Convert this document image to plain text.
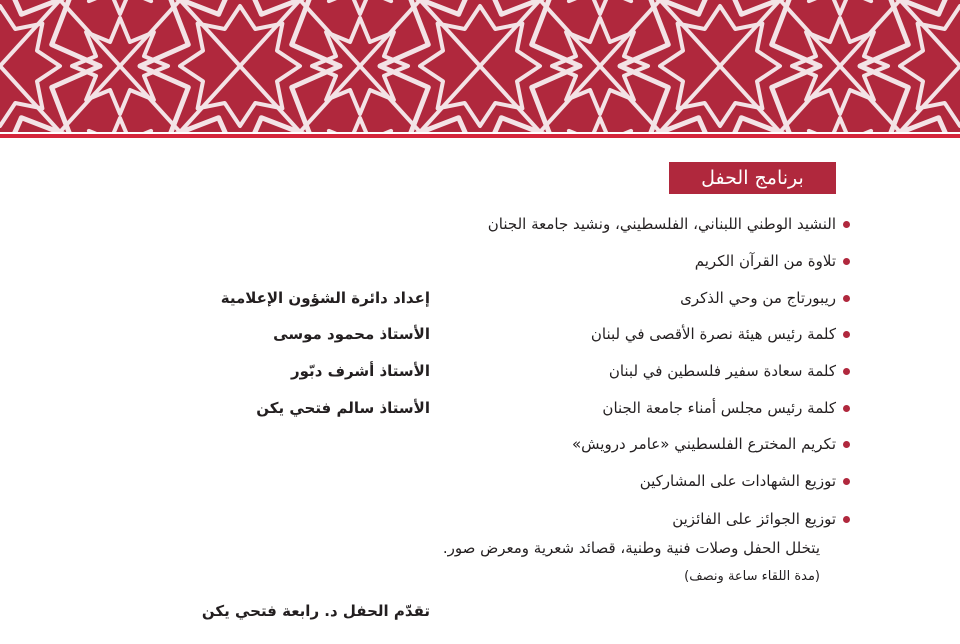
برنامج الحفل
النشيد الوطني اللبناني، الفلسطيني، ونشيد جامعة الجنان
تلاوة من القرآن الكريم
ريبورتاج من وحي الذكرى
كلمة رئيس هيئة نصرة الأقصى في لبنان
كلمة سعادة سفير فلسطين في لبنان
كلمة رئيس مجلس أمناء جامعة الجنان
تكريم المخترع الفلسطيني «عامر درويش»
توزيع الشهادات على المشاركين
توزيع الجوائز على الفائزين
إعداد دائرة الشؤون الإعلامية
الأستاذ محمود موسى
الأستاذ أشرف دبّور
الأستاذ سالم فتحي يكن
يتخلل الحفل وصلات فنية وطنية، قصائد شعرية ومعرض صور.
(مدة اللقاء ساعة ونصف)
تقدّم الحفل د. رابعة فتحي يكن
